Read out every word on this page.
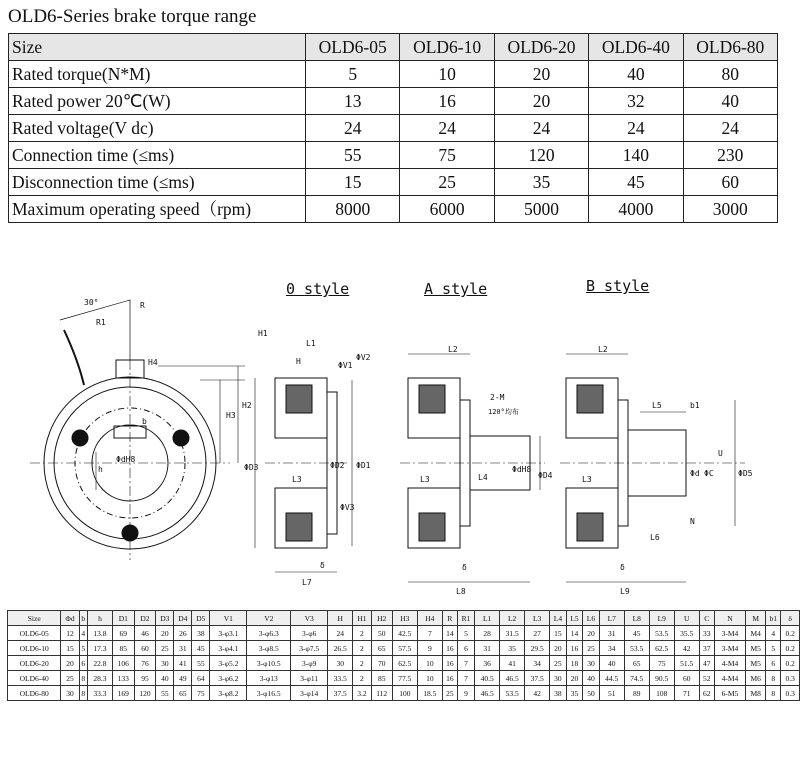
OLD6-Series brake torque range
Size	OLD6-05	OLD6-10	OLD6-20	OLD6-40	OLD6-80
Rated torque(N*M)	5	10	20	40	80
Rated power 20℃(W)	13	16	20	32	40
Rated voltage(V dc)	24	24	24	24	24
Connection time (≤ms)	55	75	120	140	230
Disconnection time (≤ms)	15	25	35	45	60
Maximum operating speed（rpm)	8000	6000	5000	4000	3000
0 style	A style	B style
30°	R
R1
H4
H3
H2
b
h
ΦdH8
H1
L1
H	ΦV1
ΦV2
ΦD3	ΦD2 ΦD1
L3
ΦV3
δ
L7
L2
2-M
120°均布
L3	L4
ΦdH8
ΦD4
δ
L8
L2
L5	b1
Φd ΦC
U
ΦD5
L3
N
L6
δ
L9
Size	Φd	b	h	D1	D2	D3	D4	D5	V1	V2	V3	H	H1	H2	H3	H4	R	R1	L1	L2	L3	L4	L5	L6	L7	L8	L9	U	C	N	M	b1	δ
OLD6-05	12	4	13.8	69	46	20	26	38	3-φ3.1	3-φ6.3	3-φ6	24	2	50	42.5	7	14	5	28	31.5	27	15	14	20	31	45	53.5	35.5	33	3-M4	M4	4	0.2
OLD6-10	15	5	17.3	85	60	25	31	45	3-φ4.1	3-φ8.5	3-φ7.5	26.5	2	65	57.5	9	16	6	31	35	29.5	20	16	25	34	53.5	62.5	42	37	3-M4	M5	5	0.2
OLD6-20	20	6	22.8	106	76	30	41	55	3-φ5.2	3-φ10.5	3-φ9	30	2	70	62.5	10	16	7	36	41	34	25	18	30	40	65	75	51.5	47	4-M4	M5	6	0.2
OLD6-40	25	8	28.3	133	95	40	49	64	3-φ6.2	3-φ13	3-φ11	33.5	2	85	77.5	10	16	7	40.5	46.5	37.5	30	20	40	44.5	74.5	90.5	60	52	4-M4	M6	8	0.3
OLD6-80	30	8	33.3	169	120	55	65	75	3-φ8.2	3-φ16.5	3-φ14	37.5	3.2	112	100	18.5	25	9	46.5	53.5	42	38	35	50	51	89	108	71	62	6-M5	M8	8	0.3
